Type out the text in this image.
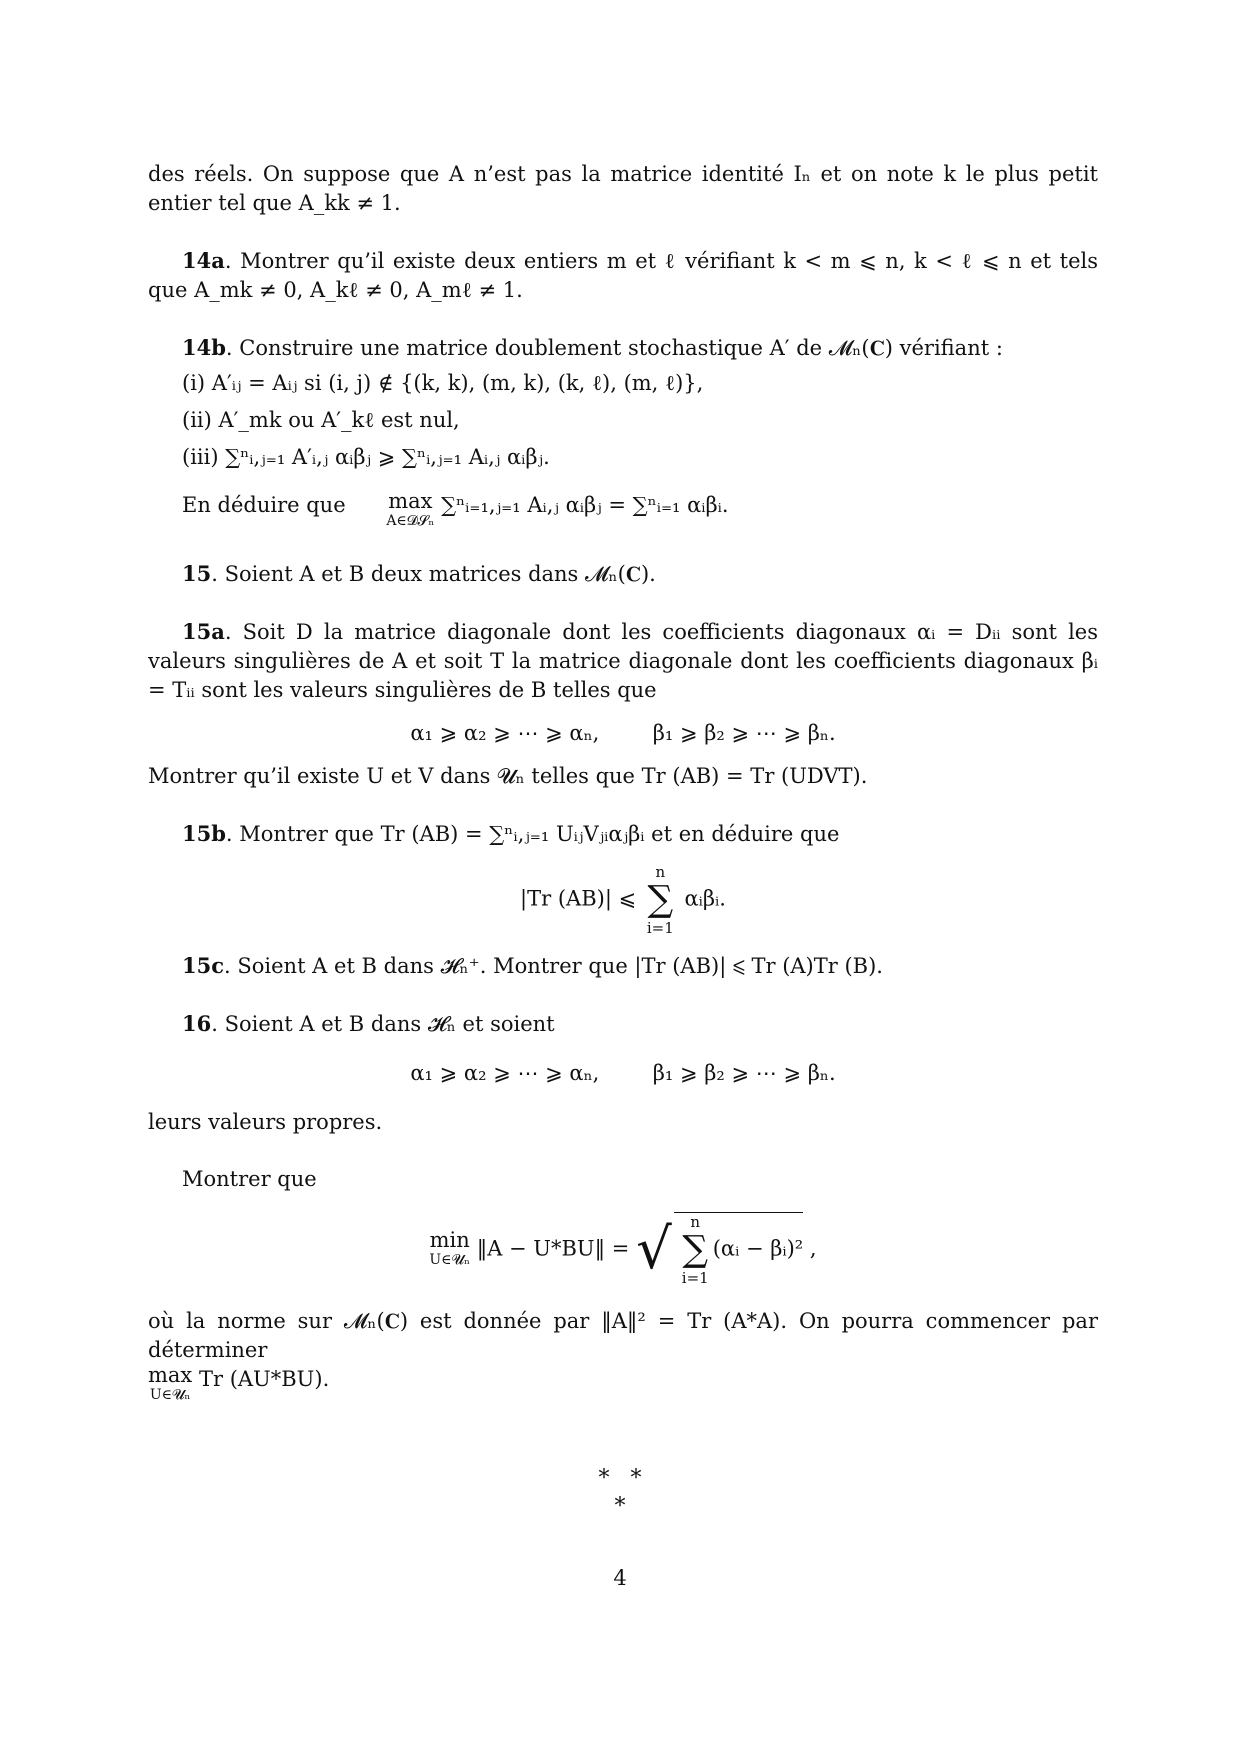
des réels. On suppose que A n’est pas la matrice identité Iₙ et on note k le plus petit entier tel que A_kk ≠ 1.

14a. Montrer qu’il existe deux entiers m et ℓ vérifiant k < m ⩽ n, k < ℓ ⩽ n et tels que A_mk ≠ 0, A_kℓ ≠ 0, A_mℓ ≠ 1.

14b. Construire une matrice doublement stochastique A′ de 𝓜ₙ(𝐂) vérifiant :

(i) A′ᵢⱼ = Aᵢⱼ si (i, j) ∉ {(k, k), (m, k), (k, ℓ), (m, ℓ)},

(ii) A′_mk ou A′_kℓ est nul,

(iii) ∑ⁿᵢ,ⱼ₌₁ A′ᵢ,ⱼ αᵢβⱼ ⩾ ∑ⁿᵢ,ⱼ₌₁ Aᵢ,ⱼ αᵢβⱼ.

En déduire que max
A∈𝓓𝓢ₙ
∑ⁿᵢ₌₁,ⱼ₌₁ Aᵢ,ⱼ αᵢβⱼ = ∑ⁿᵢ₌₁ αᵢβᵢ.

15. Soient A et B deux matrices dans 𝓜ₙ(𝐂).

15a. Soit D la matrice diagonale dont les coefficients diagonaux αᵢ = Dᵢᵢ sont les valeurs singulières de A et soit T la matrice diagonale dont les coefficients diagonaux βᵢ = Tᵢᵢ sont les valeurs singulières de B telles que

α₁ ⩾ α₂ ⩾ ⋯ ⩾ αₙ,        β₁ ⩾ β₂ ⩾ ⋯ ⩾ βₙ.

Montrer qu’il existe U et V dans 𝓤ₙ telles que Tr (AB) = Tr (UDVT).

15b. Montrer que Tr (AB) = ∑ⁿᵢ,ⱼ₌₁ UᵢⱼVⱼᵢαⱼβᵢ et en déduire que

|Tr (AB)| ⩽
n
∑
i=1
αᵢβᵢ.

15c. Soient A et B dans 𝓗ₙ⁺. Montrer que |Tr (AB)| ⩽ Tr (A)Tr (B).

16. Soient A et B dans 𝓗ₙ et soient

α₁ ⩾ α₂ ⩾ ⋯ ⩾ αₙ,        β₁ ⩾ β₂ ⩾ ⋯ ⩾ βₙ.

leurs valeurs propres.

Montrer que

min
U∈𝓤ₙ ‖A − U*BU‖ = √	n
∑
i=1
(αᵢ − βᵢ)² ,

où la norme sur 𝓜ₙ(𝐂) est donnée par ‖A‖² = Tr (A*A). On pourra commencer par déterminer

max
U∈𝓤ₙ
Tr (AU*BU).

*   *
*
4
